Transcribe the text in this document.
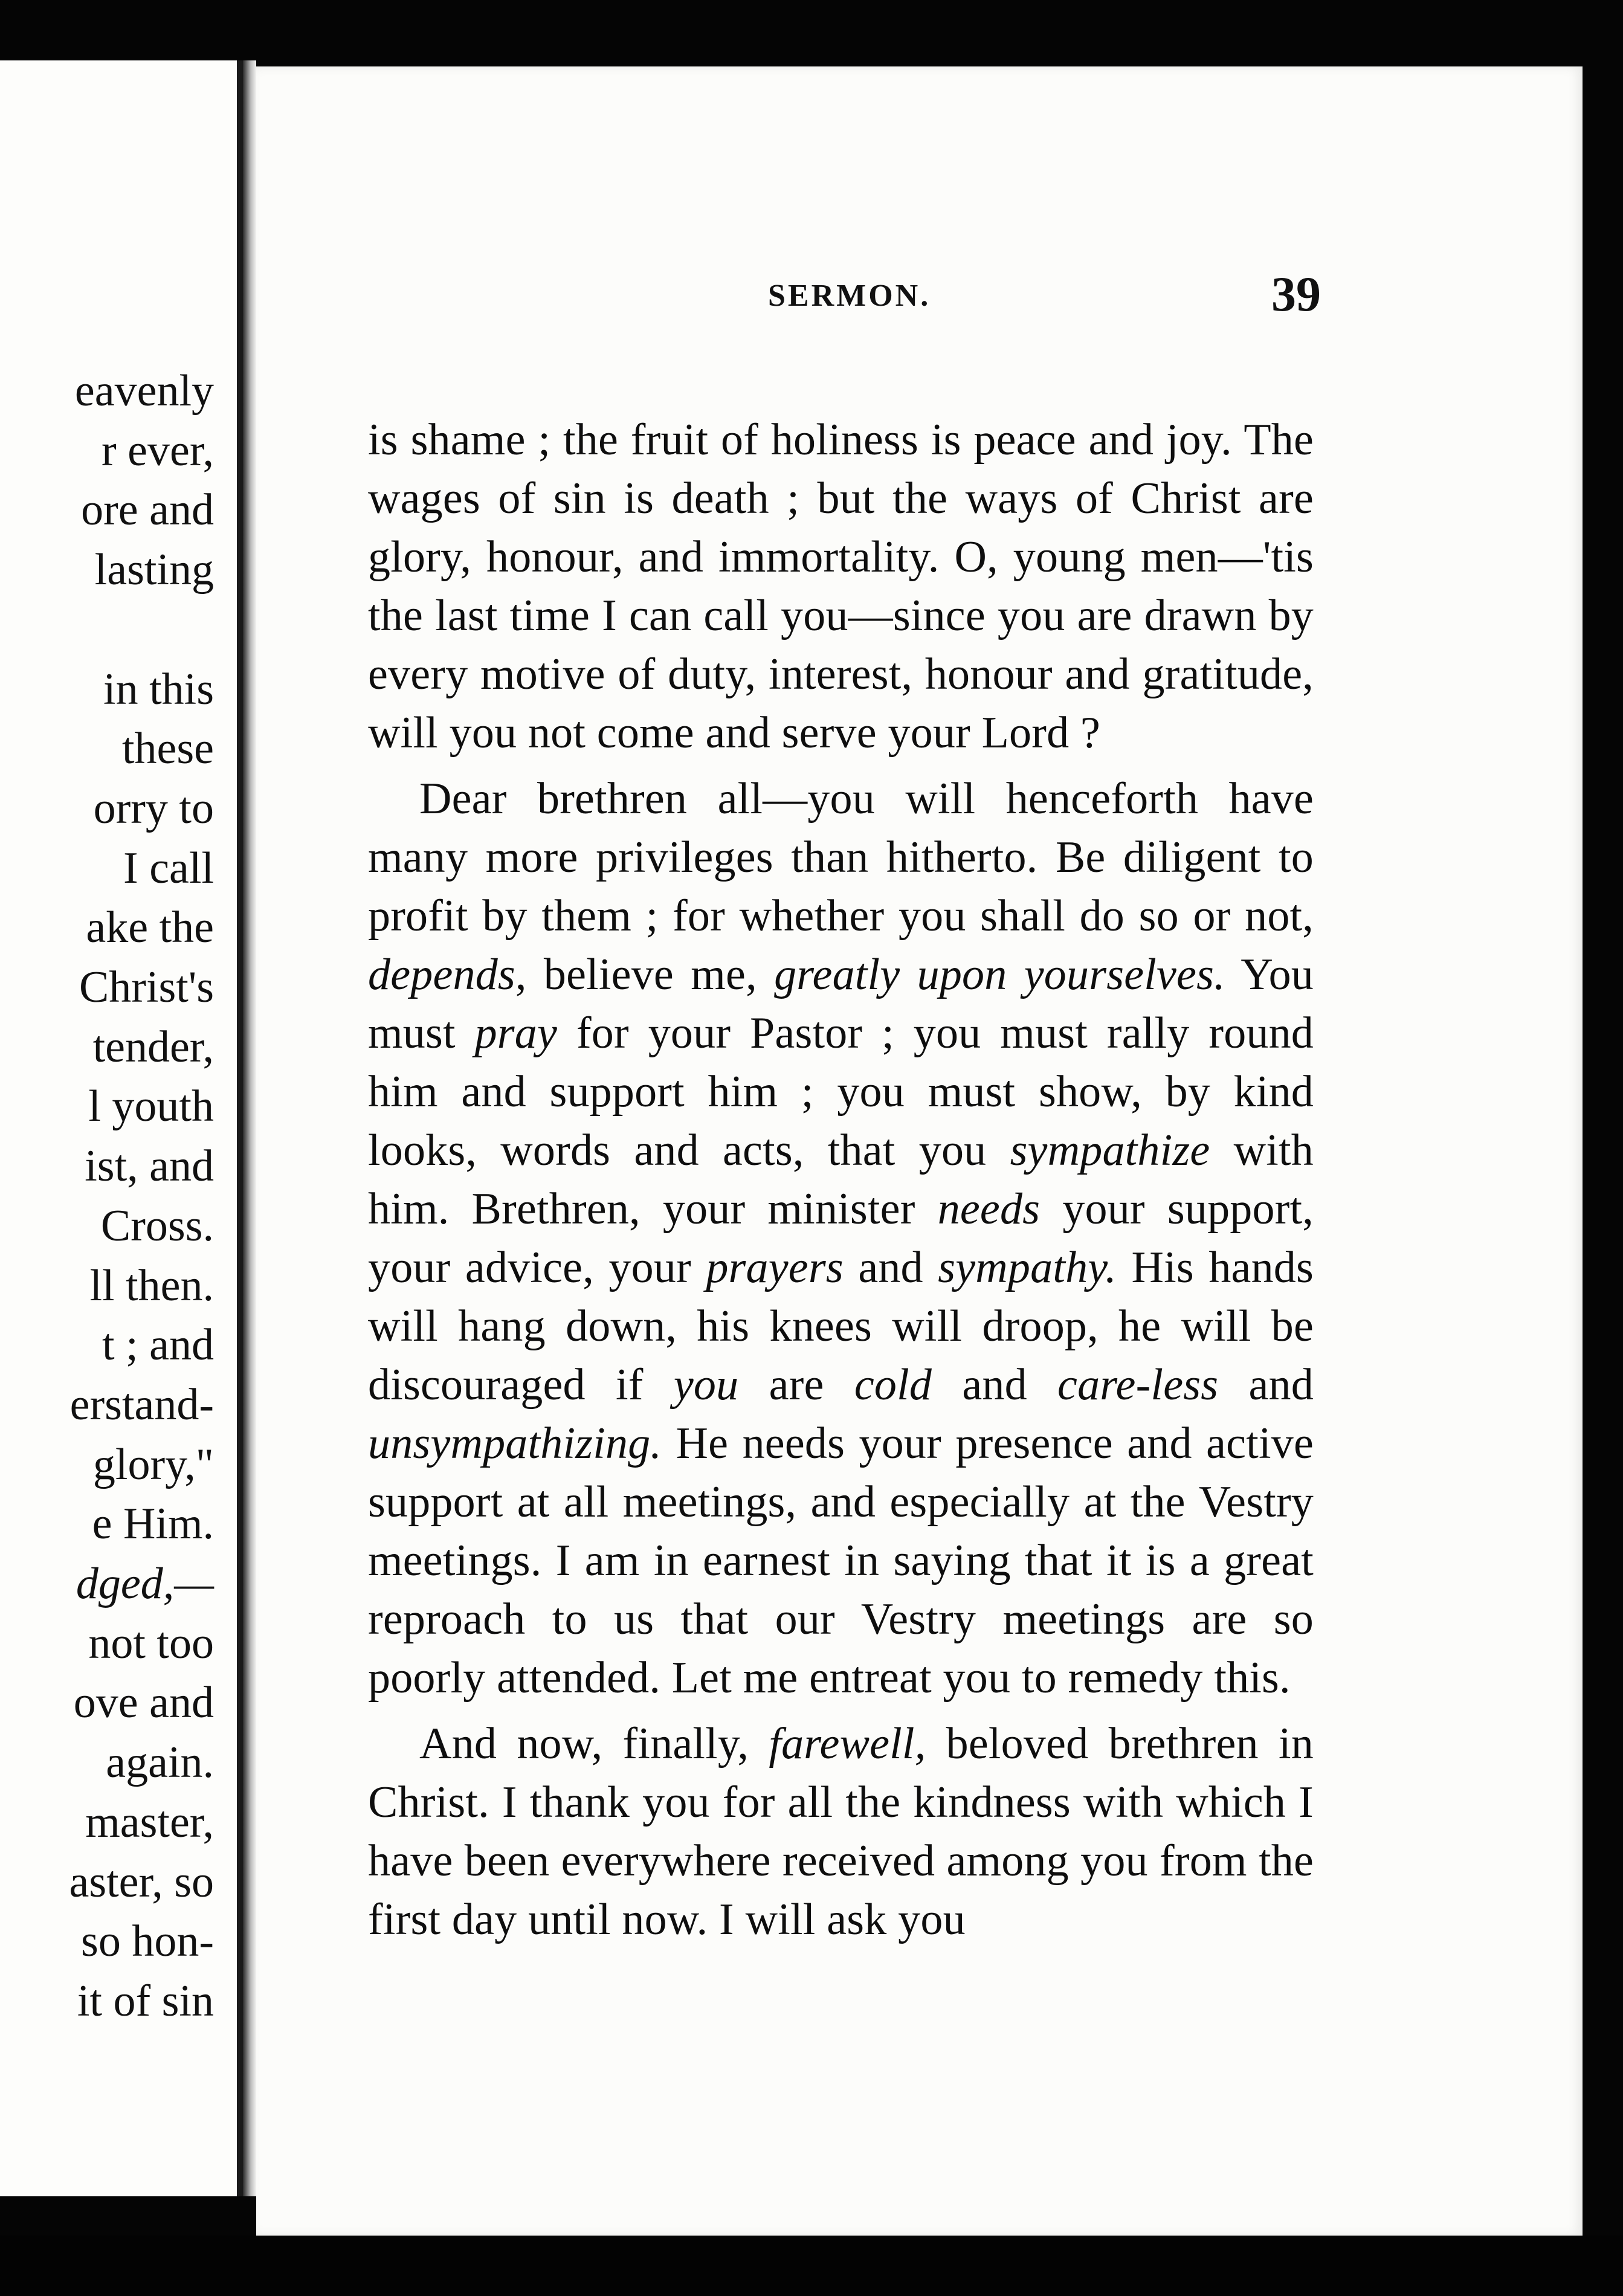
eavenly
r ever,
ore and
lasting
in this
these
orry to
I call
ake the
Christ's
tender,
l youth
ist, and
Cross.
ll then.
t ; and
erstand-
glory,"
e Him.
dged,—
not too
ove and
again.
master,
aster, so
so hon-
it of sin
SERMON.	39

is shame ; the fruit of holiness is peace and joy. The wages of sin is death ; but the ways of Christ are glory, honour, and immortality. O, young men—'tis the last time I can call you—since you are drawn by every motive of duty, interest, honour and gratitude, will you not come and serve your Lord ?

Dear brethren all—you will henceforth have many more privileges than hitherto. Be diligent to profit by them ; for whether you shall do so or not, depends, believe me, greatly upon yourselves. You must pray for your Pastor ; you must rally round him and support him ; you must show, by kind looks, words and acts, that you sympathize with him. Brethren, your minister needs your support, your advice, your prayers and sympathy. His hands will hang down, his knees will droop, he will be discouraged if you are cold and care-less and unsympathizing. He needs your presence and active support at all meetings, and especially at the Vestry meetings. I am in earnest in saying that it is a great reproach to us that our Vestry meetings are so poorly attended. Let me entreat you to remedy this.

And now, finally, farewell, beloved brethren in Christ. I thank you for all the kindness with which I have been everywhere received among you from the first day until now. I will ask you
